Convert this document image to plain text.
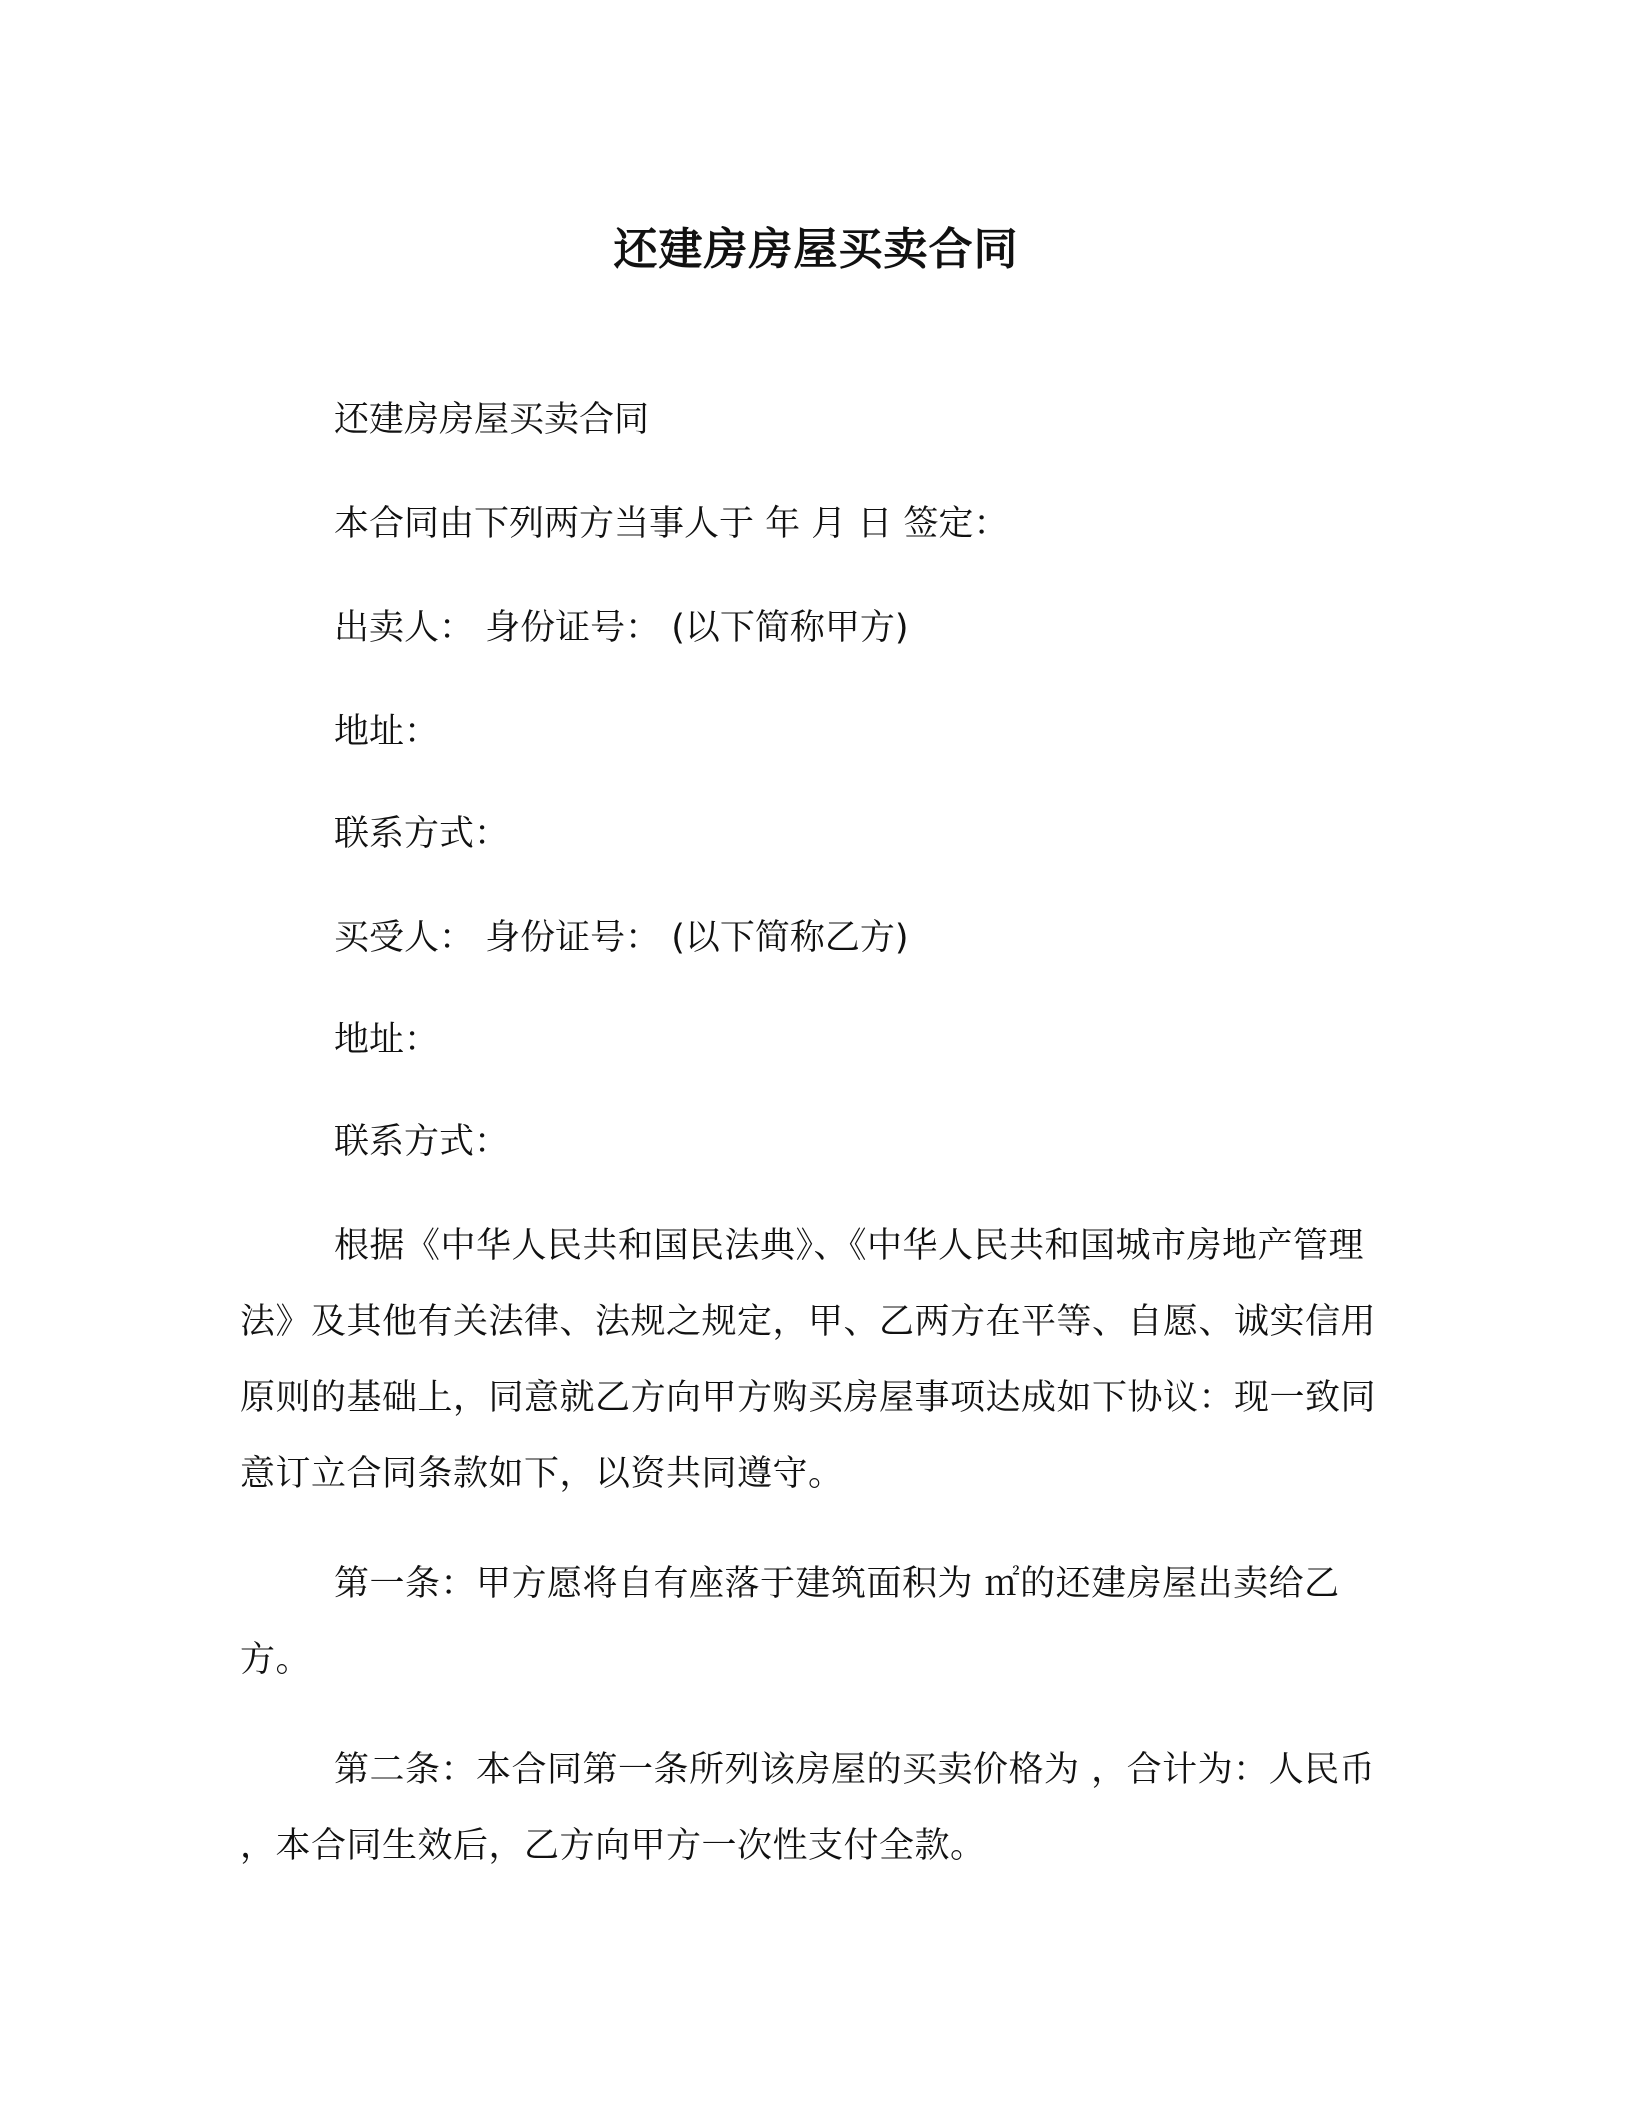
还建房房屋买卖合同
还建房房屋买卖合同
本合同由下列两方当事人于 年 月 日 签定：
出卖人： 身份证号： (以下简称甲方)
地址：
联系方式：
买受人： 身份证号： (以下简称乙方)
地址：
联系方式：

根据《中华人民共和国民法典》、《中华人民共和国城市房地产管理法》及其他有关法律、法规之规定，甲、乙两方在平等、自愿、诚实信用原则的基础上，同意就乙方向甲方购买房屋事项达成如下协议：现一致同意订立合同条款如下，以资共同遵守。

第一条：甲方愿将自有座落于建筑面积为 ㎡的还建房屋出卖给乙方。

第二条：本合同第一条所列该房屋的买卖价格为 ，合计为：人民币 ，本合同生效后，乙方向甲方一次性支付全款。
